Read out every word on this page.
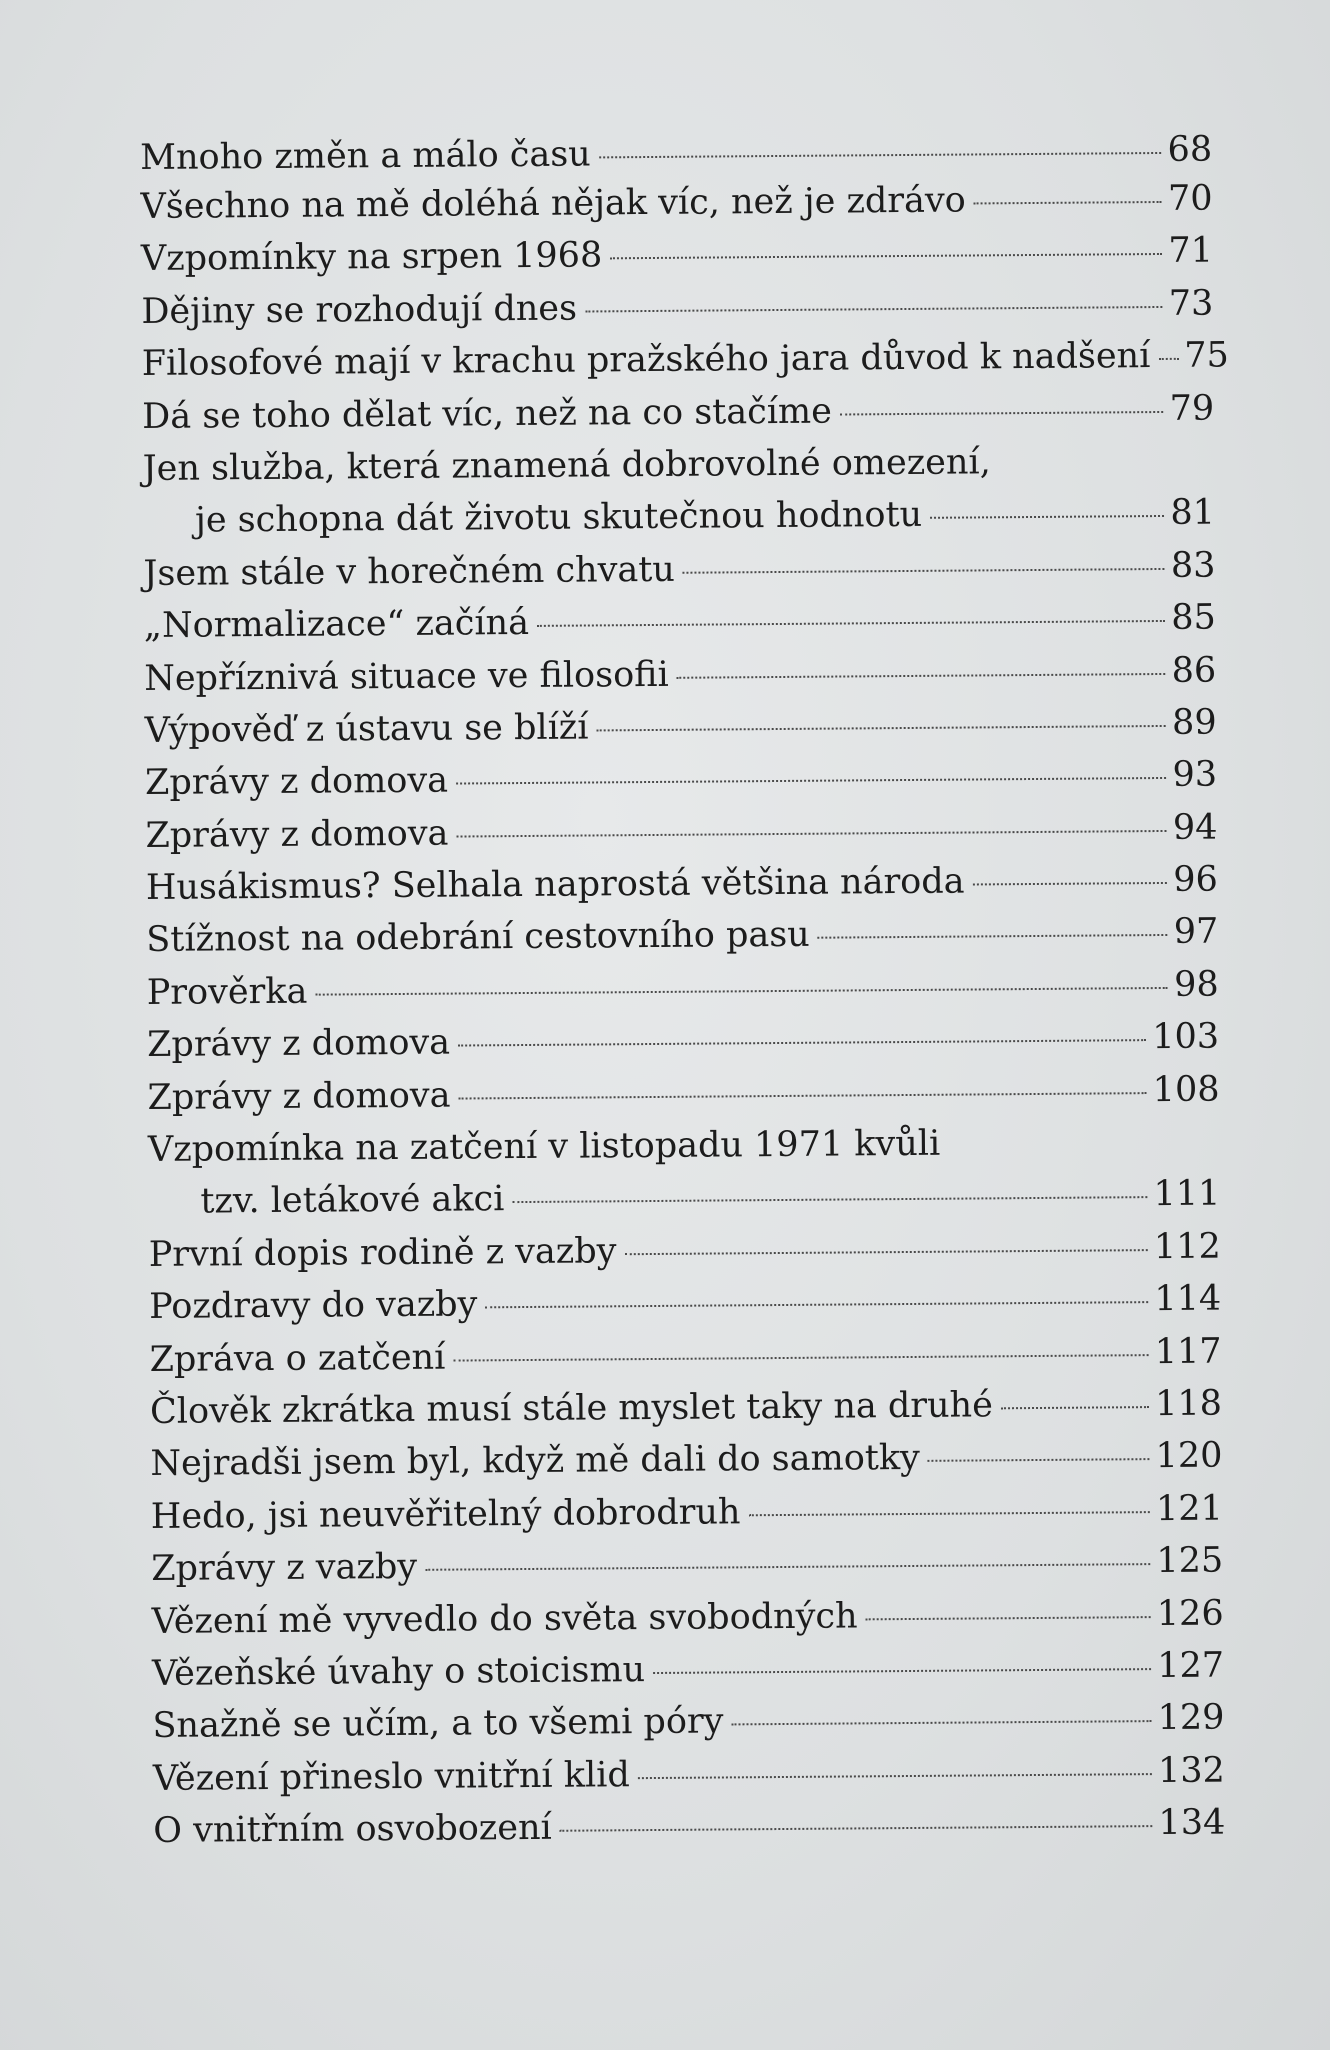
Mnoho změn a málo času	68
Všechno na mě doléhá nějak víc, než je zdrávo	70
Vzpomínky na srpen 1968	71
Dějiny se rozhodují dnes	73
Filosofové mají v krachu pražského jara důvod k nadšení 75
Dá se toho dělat víc, než na co stačíme	79
Jen služba, která znamená dobrovolné omezení,
je schopna dát životu skutečnou hodnotu	81
Jsem stále v horečném chvatu	83
„Normalizace“ začíná	85
Nepříznivá situace ve filosofii	86
Výpověď z ústavu se blíží	89
Zprávy z domova	93
Zprávy z domova	94
Husákismus? Selhala naprostá většina národa	96
Stížnost na odebrání cestovního pasu	97
Prověrka	98
Zprávy z domova	103
Zprávy z domova	108
Vzpomínka na zatčení v listopadu 1971 kvůli
tzv. letákové akci	111
První dopis rodině z vazby	112
Pozdravy do vazby	114
Zpráva o zatčení	117
Člověk zkrátka musí stále myslet taky na druhé	118
Nejradši jsem byl, když mě dali do samotky	120
Hedo, jsi neuvěřitelný dobrodruh	121
Zprávy z vazby	125
Vězení mě vyvedlo do světa svobodných	126
Vězeňské úvahy o stoicismu	127
Snažně se učím, a to všemi póry	129
Vězení přineslo vnitřní klid	132
O vnitřním osvobození	134
